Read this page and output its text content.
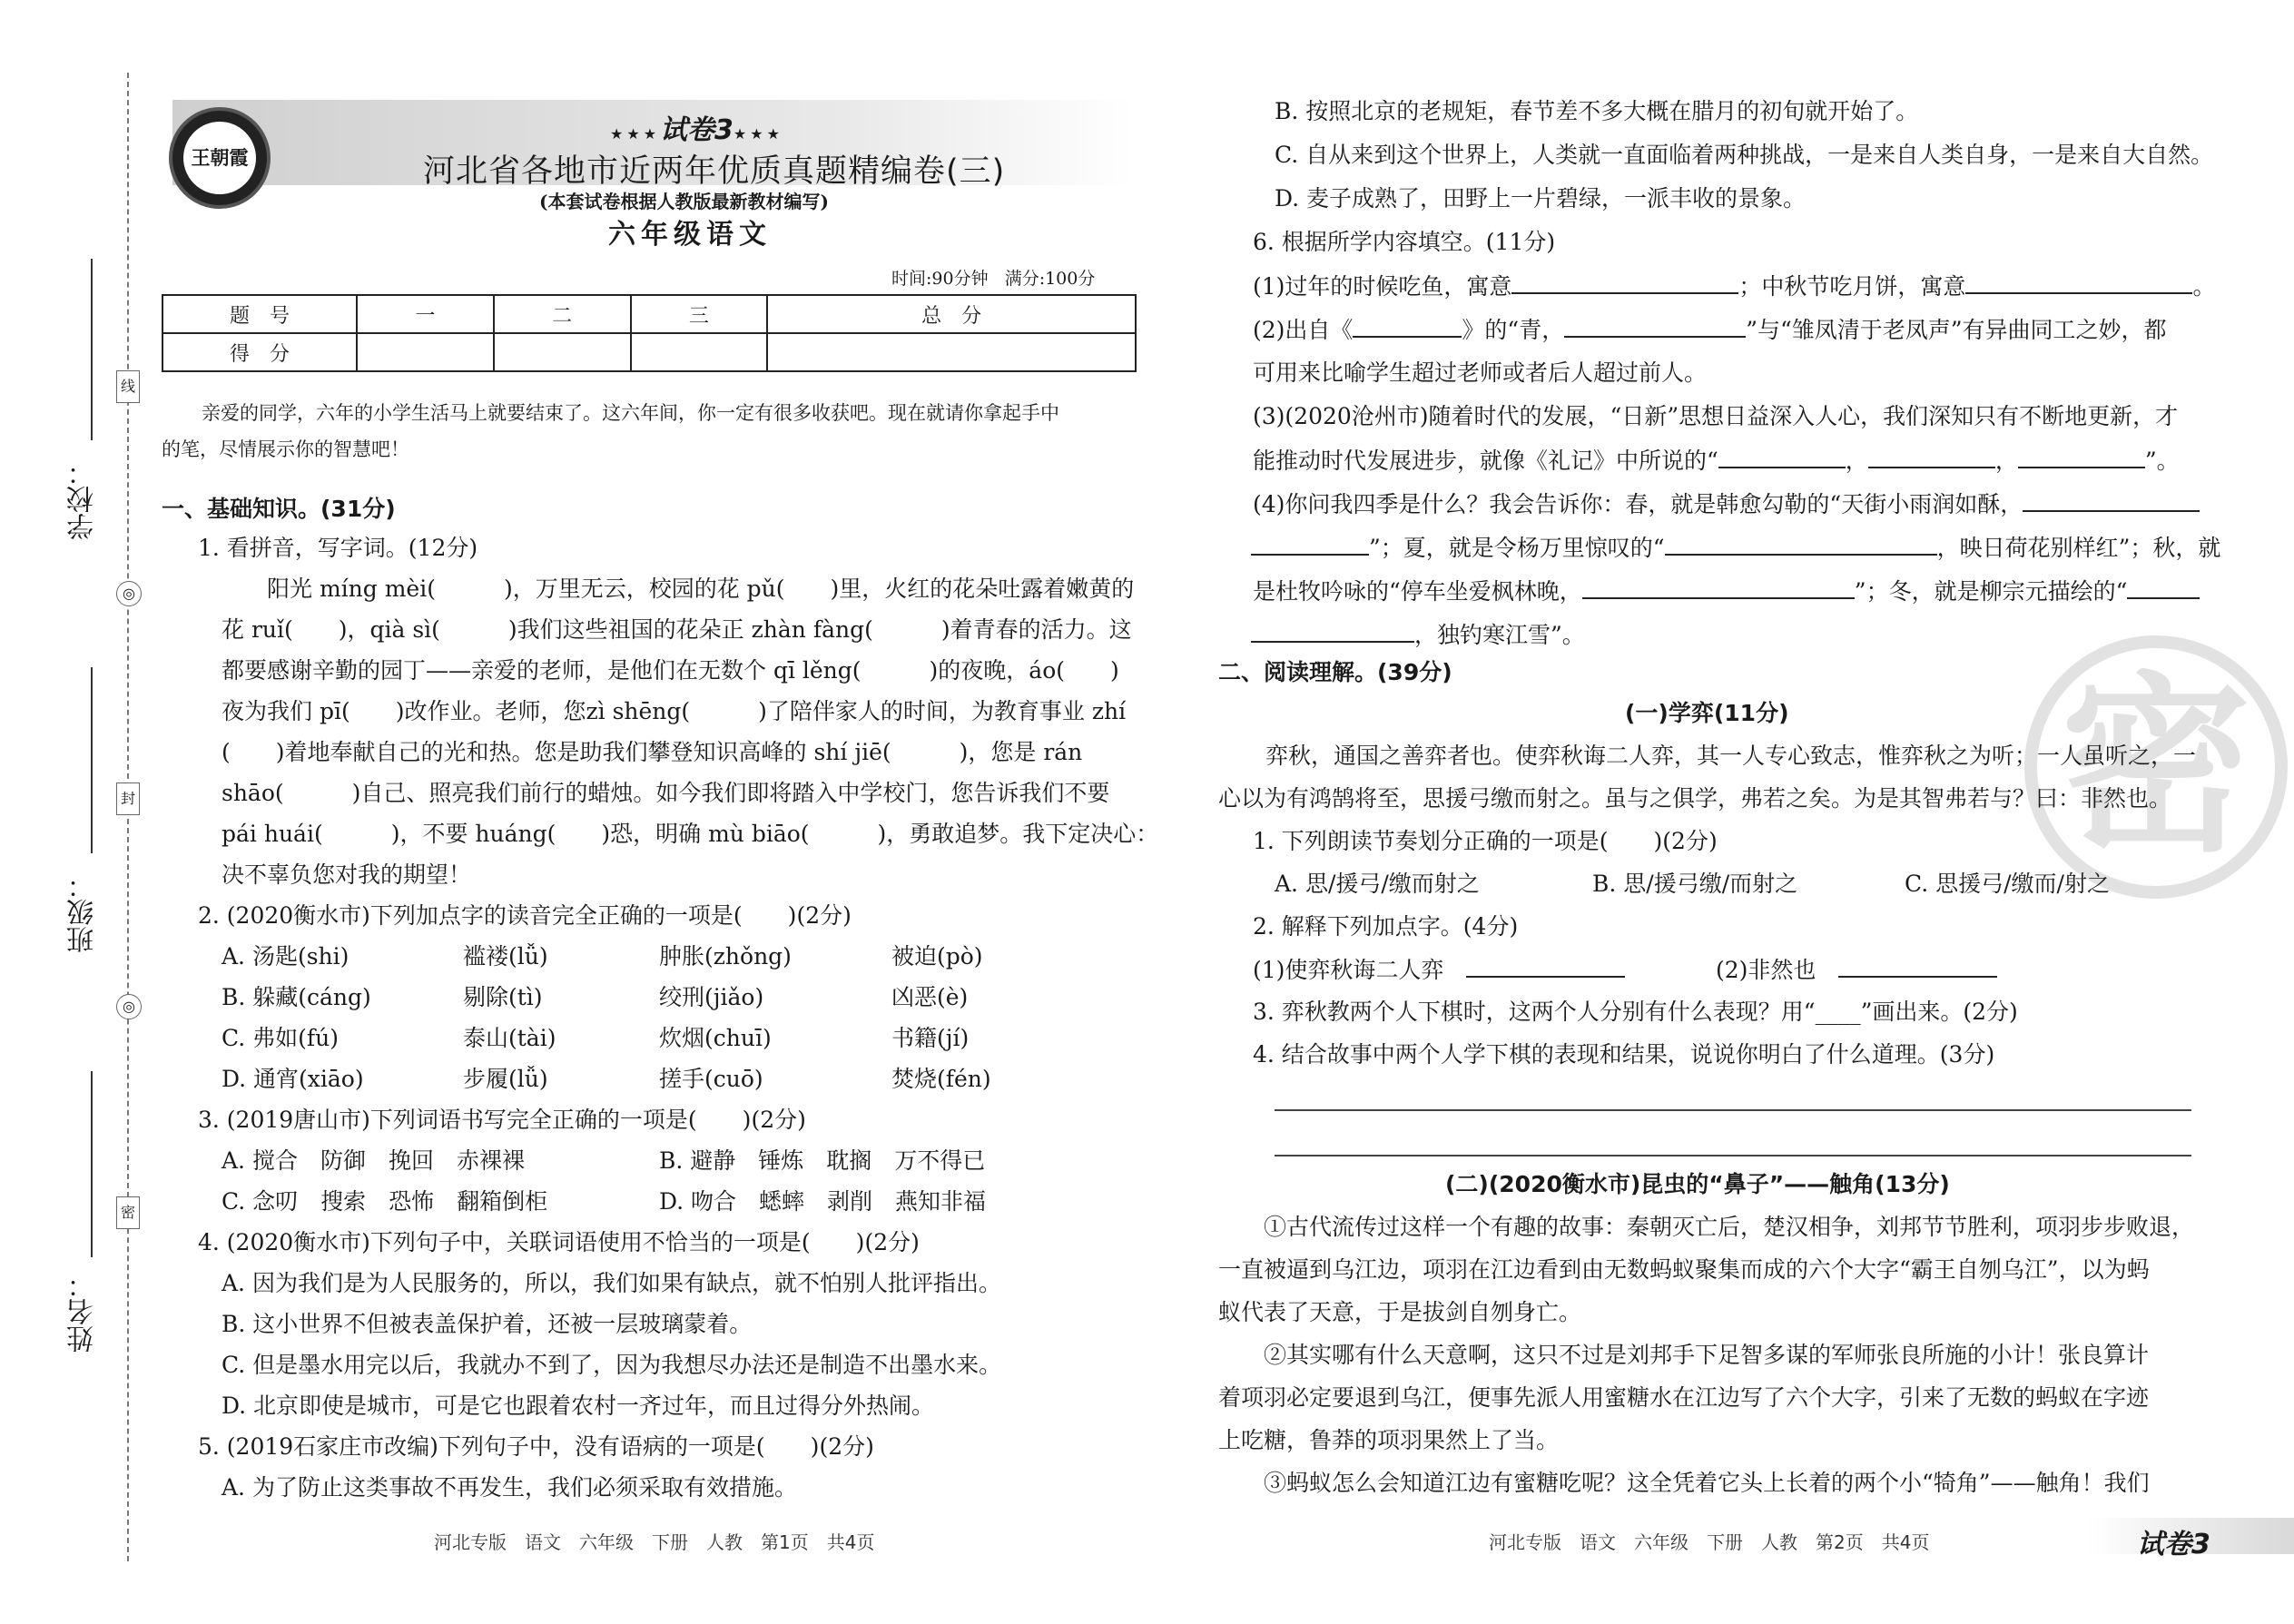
学校：
班级：
姓名：
线
◎
封
◎
密
王朝霞
★★★试卷3★★★
河北省各地市近两年优质真题精编卷(三)
(本套试卷根据人教版最新教材编写)
六年级语文
时间:90分钟   满分:100分
题　号	一	二	三	总　分
得　分				
亲爱的同学，六年的小学生活马上就要结束了。这六年间，你一定有很多收获吧。现在就请你拿起手中
的笔，尽情展示你的智慧吧！
一、基础知识。(31分)
1. 看拼音，写字词。(12分)
阳光 míng mèi(　　　)，万里无云，校园的花 pǔ(　　)里，火红的花朵吐露着嫩黄的
花 ruǐ(　　)，qià sì(　　　)我们这些祖国的花朵正 zhàn fàng(　　　)着青春的活力。这
都要感谢辛勤的园丁——亲爱的老师，是他们在无数个 qī lěng(　　　)的夜晚，áo(　　)
夜为我们 pī(　　)改作业。老师，您zì shēng(　　　)了陪伴家人的时间，为教育事业 zhí
(　　)着地奉献自己的光和热。您是助我们攀登知识高峰的 shí jiē(　　　)，您是 rán
shāo(　　　)自己、照亮我们前行的蜡烛。如今我们即将踏入中学校门，您告诉我们不要
pái huái(　　　)，不要 huáng(　　)恐，明确 mù biāo(　　　)，勇敢追梦。我下定决心：
决不辜负您对我的期望！
2. (2020衡水市)下列加点字的读音完全正确的一项是(　　)(2分)
A. 汤匙(shi)	褴褛(lǚ)	肿胀(zhǒng)	被迫(pò)
B. 躲藏(cáng)	剔除(tì)	绞刑(jiǎo)	凶恶(è)
C. 弗如(fú)	泰山(tài)	炊烟(chuī)	书籍(jí)
D. 通宵(xiāo)	步履(lǚ)	搓手(cuō)	焚烧(fén)
3. (2019唐山市)下列词语书写完全正确的一项是(　　)(2分)
A. 搅合　防御　挽回　赤裸裸	B. 避静　锤炼　耽搁　万不得已
C. 念叨　搜索　恐怖　翻箱倒柜	D. 吻合　蟋蟀　剥削　燕知非福
4. (2020衡水市)下列句子中，关联词语使用不恰当的一项是(　　)(2分)
A. 因为我们是为人民服务的，所以，我们如果有缺点，就不怕别人批评指出。
B. 这小世界不但被表盖保护着，还被一层玻璃蒙着。
C. 但是墨水用完以后，我就办不到了，因为我想尽办法还是制造不出墨水来。
D. 北京即使是城市，可是它也跟着农村一齐过年，而且过得分外热闹。
5. (2019石家庄市改编)下列句子中，没有语病的一项是(　　)(2分)
A. 为了防止这类事故不再发生，我们必须采取有效措施。
河北专版　语文　六年级　下册　人教　第1页　共4页
B. 按照北京的老规矩，春节差不多大概在腊月的初旬就开始了。
C. 自从来到这个世界上，人类就一直面临着两种挑战，一是来自人类自身，一是来自大自然。
D. 麦子成熟了，田野上一片碧绿，一派丰收的景象。
6. 根据所学内容填空。(11分)
(1)过年的时候吃鱼，寓意	；中秋节吃月饼，寓意	。
(2)出自《	》的“青，	”与“雏凤清于老凤声”有异曲同工之妙，都
可用来比喻学生超过老师或者后人超过前人。
(3)(2020沧州市)随着时代的发展，“日新”思想日益深入人心，我们深知只有不断地更新，才
能推动时代发展进步，就像《礼记》中所说的“	，	，	”。
(4)你问我四季是什么？我会告诉你：春，就是韩愈勾勒的“天街小雨润如酥，
”；夏，就是令杨万里惊叹的“	，映日荷花别样红”；秋，就
是杜牧吟咏的“停车坐爱枫林晚，	”；冬，就是柳宗元描绘的“
，独钓寒江雪”。
二、阅读理解。(39分)	密
(一)学弈(11分)
弈秋，通国之善弈者也。使弈秋诲二人弈，其一人专心致志，惟弈秋之为听；一人虽听之，一
心以为有鸿鹄将至，思援弓缴而射之。虽与之俱学，弗若之矣。为是其智弗若与？曰：非然也。
1. 下列朗读节奏划分正确的一项是(　　)(2分)
A. 思/援弓/缴而射之	B. 思/援弓缴/而射之	C. 思援弓/缴而/射之
2. 解释下列加点字。(4分)
(1)使弈秋诲二人弈　	(2)非然也　
3. 弈秋教两个人下棋时，这两个人分别有什么表现？用“____”画出来。(2分)
4. 结合故事中两个人学下棋的表现和结果，说说你明白了什么道理。(3分)
(二)(2020衡水市)昆虫的“鼻子”——触角(13分)
①古代流传过这样一个有趣的故事：秦朝灭亡后，楚汉相争，刘邦节节胜利，项羽步步败退，
一直被逼到乌江边，项羽在江边看到由无数蚂蚁聚集而成的六个大字“霸王自刎乌江”，以为蚂
蚁代表了天意，于是拔剑自刎身亡。
②其实哪有什么天意啊，这只不过是刘邦手下足智多谋的军师张良所施的小计！张良算计
着项羽必定要退到乌江，便事先派人用蜜糖水在江边写了六个大字，引来了无数的蚂蚁在字迹
上吃糖，鲁莽的项羽果然上了当。
③蚂蚁怎么会知道江边有蜜糖吃呢？这全凭着它头上长着的两个小“犄角”——触角！我们
河北专版　语文　六年级　下册　人教　第2页　共4页	试卷3
